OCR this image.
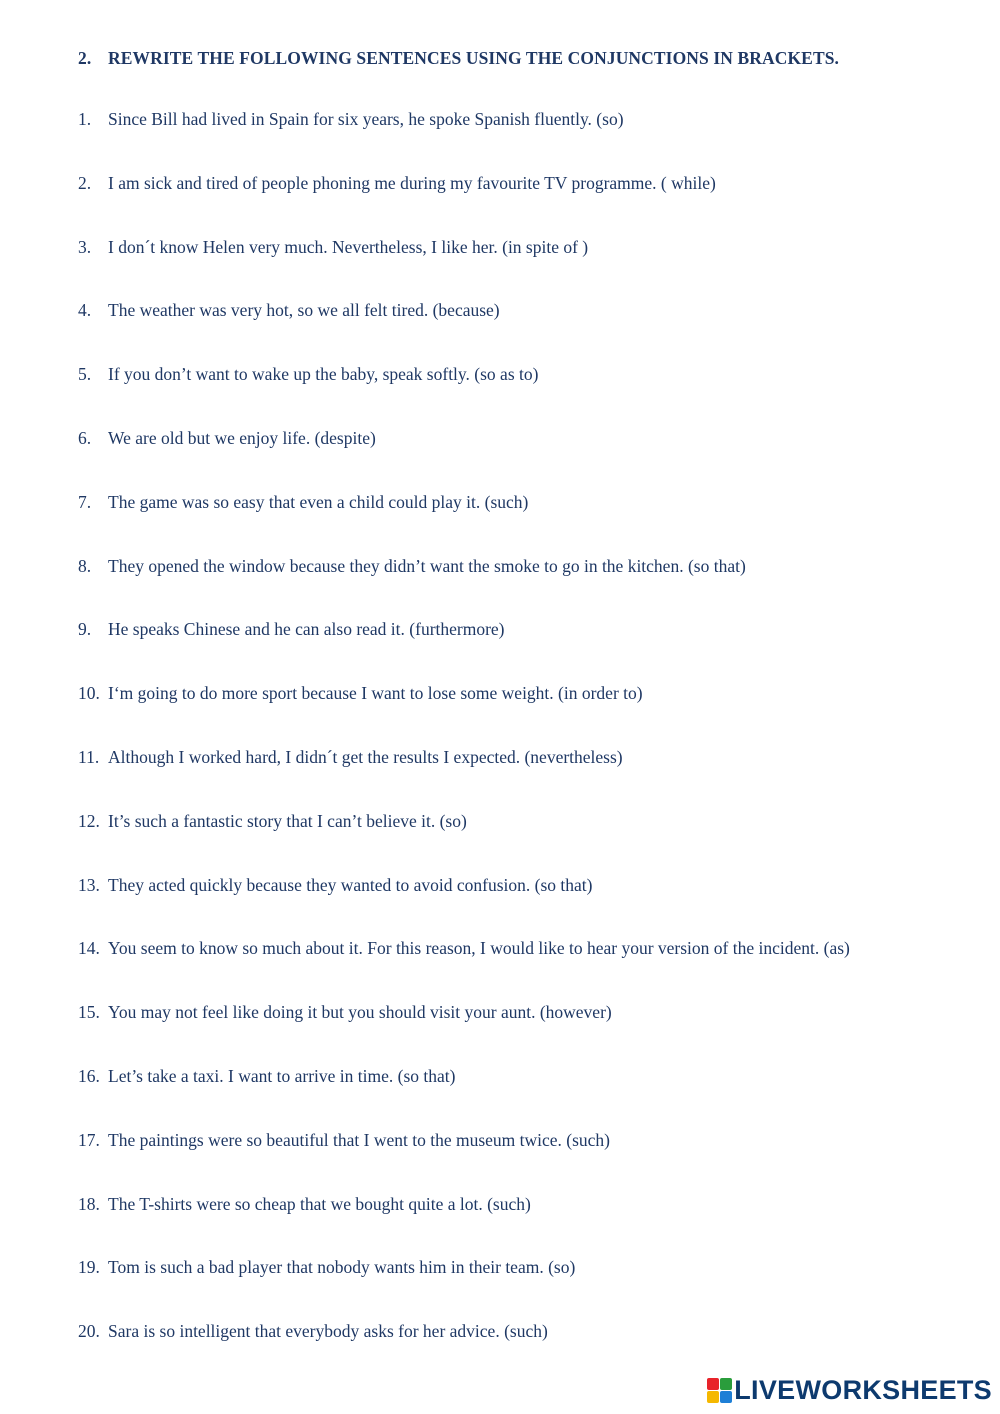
2. REWRITE THE FOLLOWING SENTENCES USING THE CONJUNCTIONS IN BRACKETS.
1. Since Bill had lived in Spain for six years, he spoke Spanish fluently. (so)
2. I am sick and tired of people phoning me during my favourite TV programme. ( while)
3. I don´t know Helen very much. Nevertheless, I like her. (in spite of )
4. The weather was very hot, so we all felt tired. (because)
5. If you don’t want to wake up the baby, speak softly. (so as to)
6. We are old but we enjoy life. (despite)
7. The game was so easy that even a child could play it. (such)
8. They opened the window because they didn’t want the smoke to go in the kitchen. (so that)
9. He speaks Chinese and he can also read it. (furthermore)
10. I‘m going to do more sport because I want to lose some weight. (in order to)
11. Although I worked hard, I didn´t get the results I expected. (nevertheless)
12. It’s such a fantastic story that I can’t believe it. (so)
13. They acted quickly because they wanted to avoid confusion. (so that)
14. You seem to know so much about it. For this reason, I would like to hear your version of the incident. (as)
15. You may not feel like doing it but you should visit your aunt. (however)
16. Let’s take a taxi. I want to arrive in time. (so that)
17. The paintings were so beautiful that I went to the museum twice. (such)
18. The T-shirts were so cheap that we bought quite a lot. (such)
19. Tom is such a bad player that nobody wants him in their team. (so)
20. Sara is so intelligent that everybody asks for her advice. (such)
LIVEWORKSHEETS
